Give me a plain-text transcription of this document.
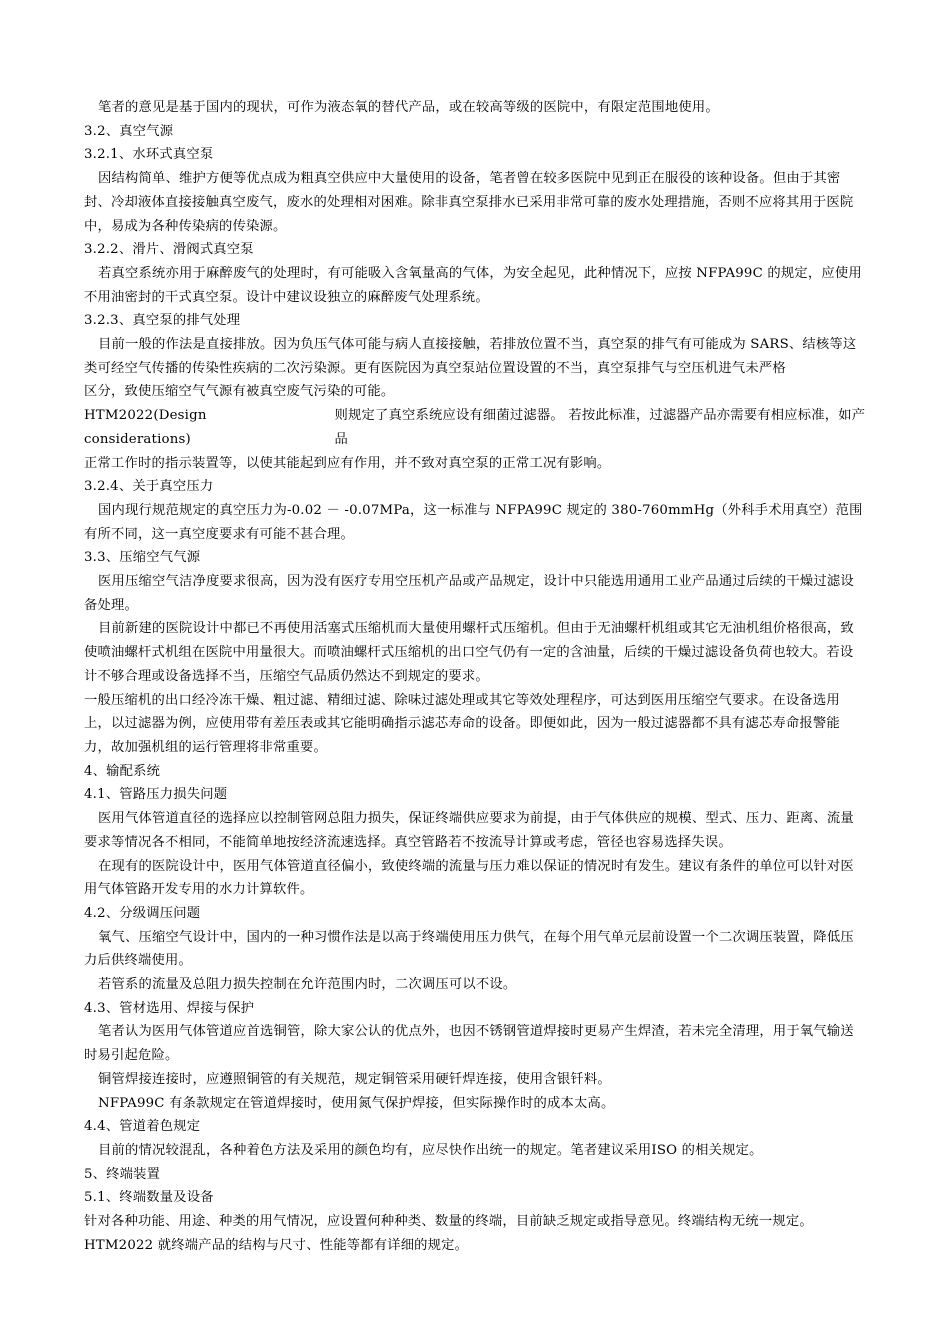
笔者的意见是基于国内的现状，可作为液态氧的替代产品，或在较高等级的医院中，有限定范围地使用。

3.2、真空气源

3.2.1、水环式真空泵

因结构简单、维护方便等优点成为粗真空供应中大量使用的设备，笔者曾在较多医院中见到正在服役的该种设备。但由于其密封、冷却液体直接接触真空废气，废水的处理相对困难。除非真空泵排水已采用非常可靠的废水处理措施，否则不应将其用于医院中，易成为各种传染病的传染源。

3.2.2、滑片、滑阀式真空泵

若真空系统亦用于麻醉废气的处理时，有可能吸入含氧量高的气体，为安全起见，此种情况下，应按 NFPA99C 的规定，应使用不用油密封的干式真空泵。设计中建议设独立的麻醉废气处理系统。

3.2.3、真空泵的排气处理

目前一般的作法是直接排放。因为负压气体可能与病人直接接触，若排放位置不当，真空泵的排气有可能成为 SARS、结核等这类可经空气传播的传染性疾病的二次污染源。更有医院因为真空泵站位置设置的不当，真空泵排气与空压机进气未严格

区分，致使压缩空气气源有被真空废气污染的可能。

HTM2022(Design considerations)
则规定了真空系统应设有细菌过滤器。 若按此标准，过滤器产品亦需要有相应标准，如产品

正常工作时的指示装置等，以使其能起到应有作用，并不致对真空泵的正常工况有影响。

3.2.4、关于真空压力

国内现行规范规定的真空压力为-0.02 － -0.07MPa，这一标准与 NFPA99C 规定的 380-760mmHg（外科手术用真空）范围有所不同，这一真空度要求有可能不甚合理。

3.3、压缩空气气源

医用压缩空气洁净度要求很高，因为没有医疗专用空压机产品或产品规定，设计中只能选用通用工业产品通过后续的干燥过滤设备处理。

目前新建的医院设计中都已不再使用活塞式压缩机而大量使用螺杆式压缩机。但由于无油螺杆机组或其它无油机组价格很高，致使喷油螺杆式机组在医院中用量很大。而喷油螺杆式压缩机的出口空气仍有一定的含油量，后续的干燥过滤设备负荷也较大。若设计不够合理或设备选择不当，压缩空气品质仍然达不到规定的要求。

一般压缩机的出口经冷冻干燥、粗过滤、精细过滤、除味过滤处理或其它等效处理程序，可达到医用压缩空气要求。在设备选用上，以过滤器为例，应使用带有差压表或其它能明确指示滤芯寿命的设备。即便如此，因为一般过滤器都不具有滤芯寿命报警能力，故加强机组的运行管理将非常重要。

4、输配系统

4.1、管路压力损失问题

医用气体管道直径的选择应以控制管网总阻力损失，保证终端供应要求为前提，由于气体供应的规模、型式、压力、距离、流量要求等情况各不相同，不能简单地按经济流速选择。真空管路若不按流导计算或考虑，管径也容易选择失误。

在现有的医院设计中，医用气体管道直径偏小，致使终端的流量与压力难以保证的情况时有发生。建议有条件的单位可以针对医用气体管路开发专用的水力计算软件。

4.2、分级调压问题

氧气、压缩空气设计中，国内的一种习惯作法是以高于终端使用压力供气，在每个用气单元层前设置一个二次调压装置，降低压力后供终端使用。

若管系的流量及总阻力损失控制在允许范围内时，二次调压可以不设。

4.3、管材选用、焊接与保护

笔者认为医用气体管道应首选铜管，除大家公认的优点外，也因不锈钢管道焊接时更易产生焊渣，若未完全清理，用于氧气输送时易引起危险。

铜管焊接连接时，应遵照铜管的有关规范，规定铜管采用硬钎焊连接，使用含银钎料。

NFPA99C 有条款规定在管道焊接时，使用氮气保护焊接，但实际操作时的成本太高。

4.4、管道着色规定

目前的情况较混乱，各种着色方法及采用的颜色均有，应尽快作出统一的规定。笔者建议采用ISO 的相关规定。

5、终端装置

5.1、终端数量及设备

针对各种功能、用途、种类的用气情况，应设置何种种类、数量的终端，目前缺乏规定或指导意见。终端结构无统一规定。

HTM2022 就终端产品的结构与尺寸、性能等都有详细的规定。
